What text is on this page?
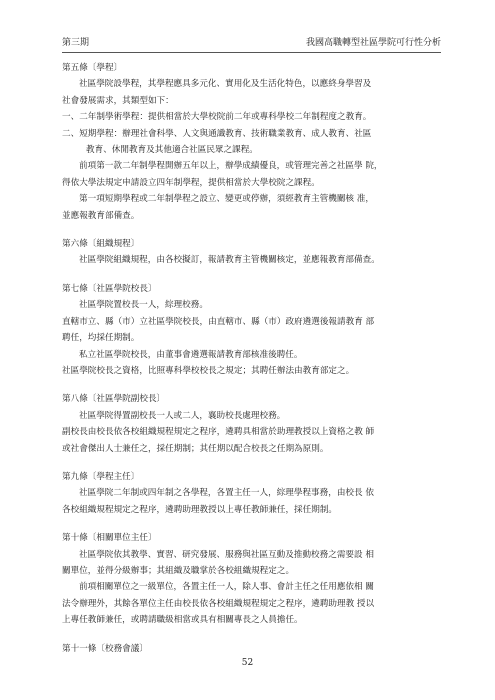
第三期	我國高職轉型社區學院可行性分析

第五條〔學程〕

社區學院設學程，其學程應具多元化、實用化及生活化特色，以應終身學習及

社會發展需求，其類型如下：

一、二年制學術學程：提供相當於大學校院前二年或專科學校二年制程度之教育。

二、短期學程：辦理社會科學、人文與通識教育、技術職業教育、成人教育、社區

教育、休閒教育及其他適合社區民眾之課程。

前項第一款二年制學程開辦五年以上，辦學成績優良，或管理完善之社區學 院，

得依大學法規定申請設立四年制學程，提供相當於大學校院之課程。

第一項短期學程或二年制學程之設立、變更或停辦，須經教育主管機關核 准，

並應報教育部備查。

第六條〔組織規程〕

社區學院組織規程，由各校擬訂，報請教育主管機關核定，並應報教育部備查。

第七條〔社區學院校長〕

社區學院置校長一人，綜理校務。

直轄市立、縣（市）立社區學院校長，由直轄市、縣（市）政府遴選後報請教育 部

聘任，均採任期制。

私立社區學院校長，由董事會遴選報請教育部核准後聘任。

社區學院校長之資格，比照專科學校校長之規定；其聘任辦法由教育部定之。

第八條〔社區學院副校長〕

社區學院得置副校長一人或二人，襄助校長處理校務。

副校長由校長依各校組織規程規定之程序，遴聘具相當於助理教授以上資格之教 師

或社會傑出人士兼任之，採任期制；其任期以配合校長之任期為原則。

第九條〔學程主任〕

社區學院二年制或四年制之各學程，各置主任一人，綜理學程事務，由校長 依

各校組織規程規定之程序，遴聘助理教授以上專任教師兼任，採任期制。

第十條〔相關單位主任〕

社區學院依其教學、實習、研究發展、服務與社區互動及推動校務之需要設 相

關單位，並得分級辦事；其組織及職掌於各校組織規程定之。

前項相關單位之一級單位，各置主任一人，除人事、會計主任之任用應依相 關

法令辦理外，其餘各單位主任由校長依各校組織規程規定之程序，遴聘助理教 授以

上專任教師兼任，或聘請職級相當或具有相關專長之人員擔任。

第十一條〔校務會議〕

52
